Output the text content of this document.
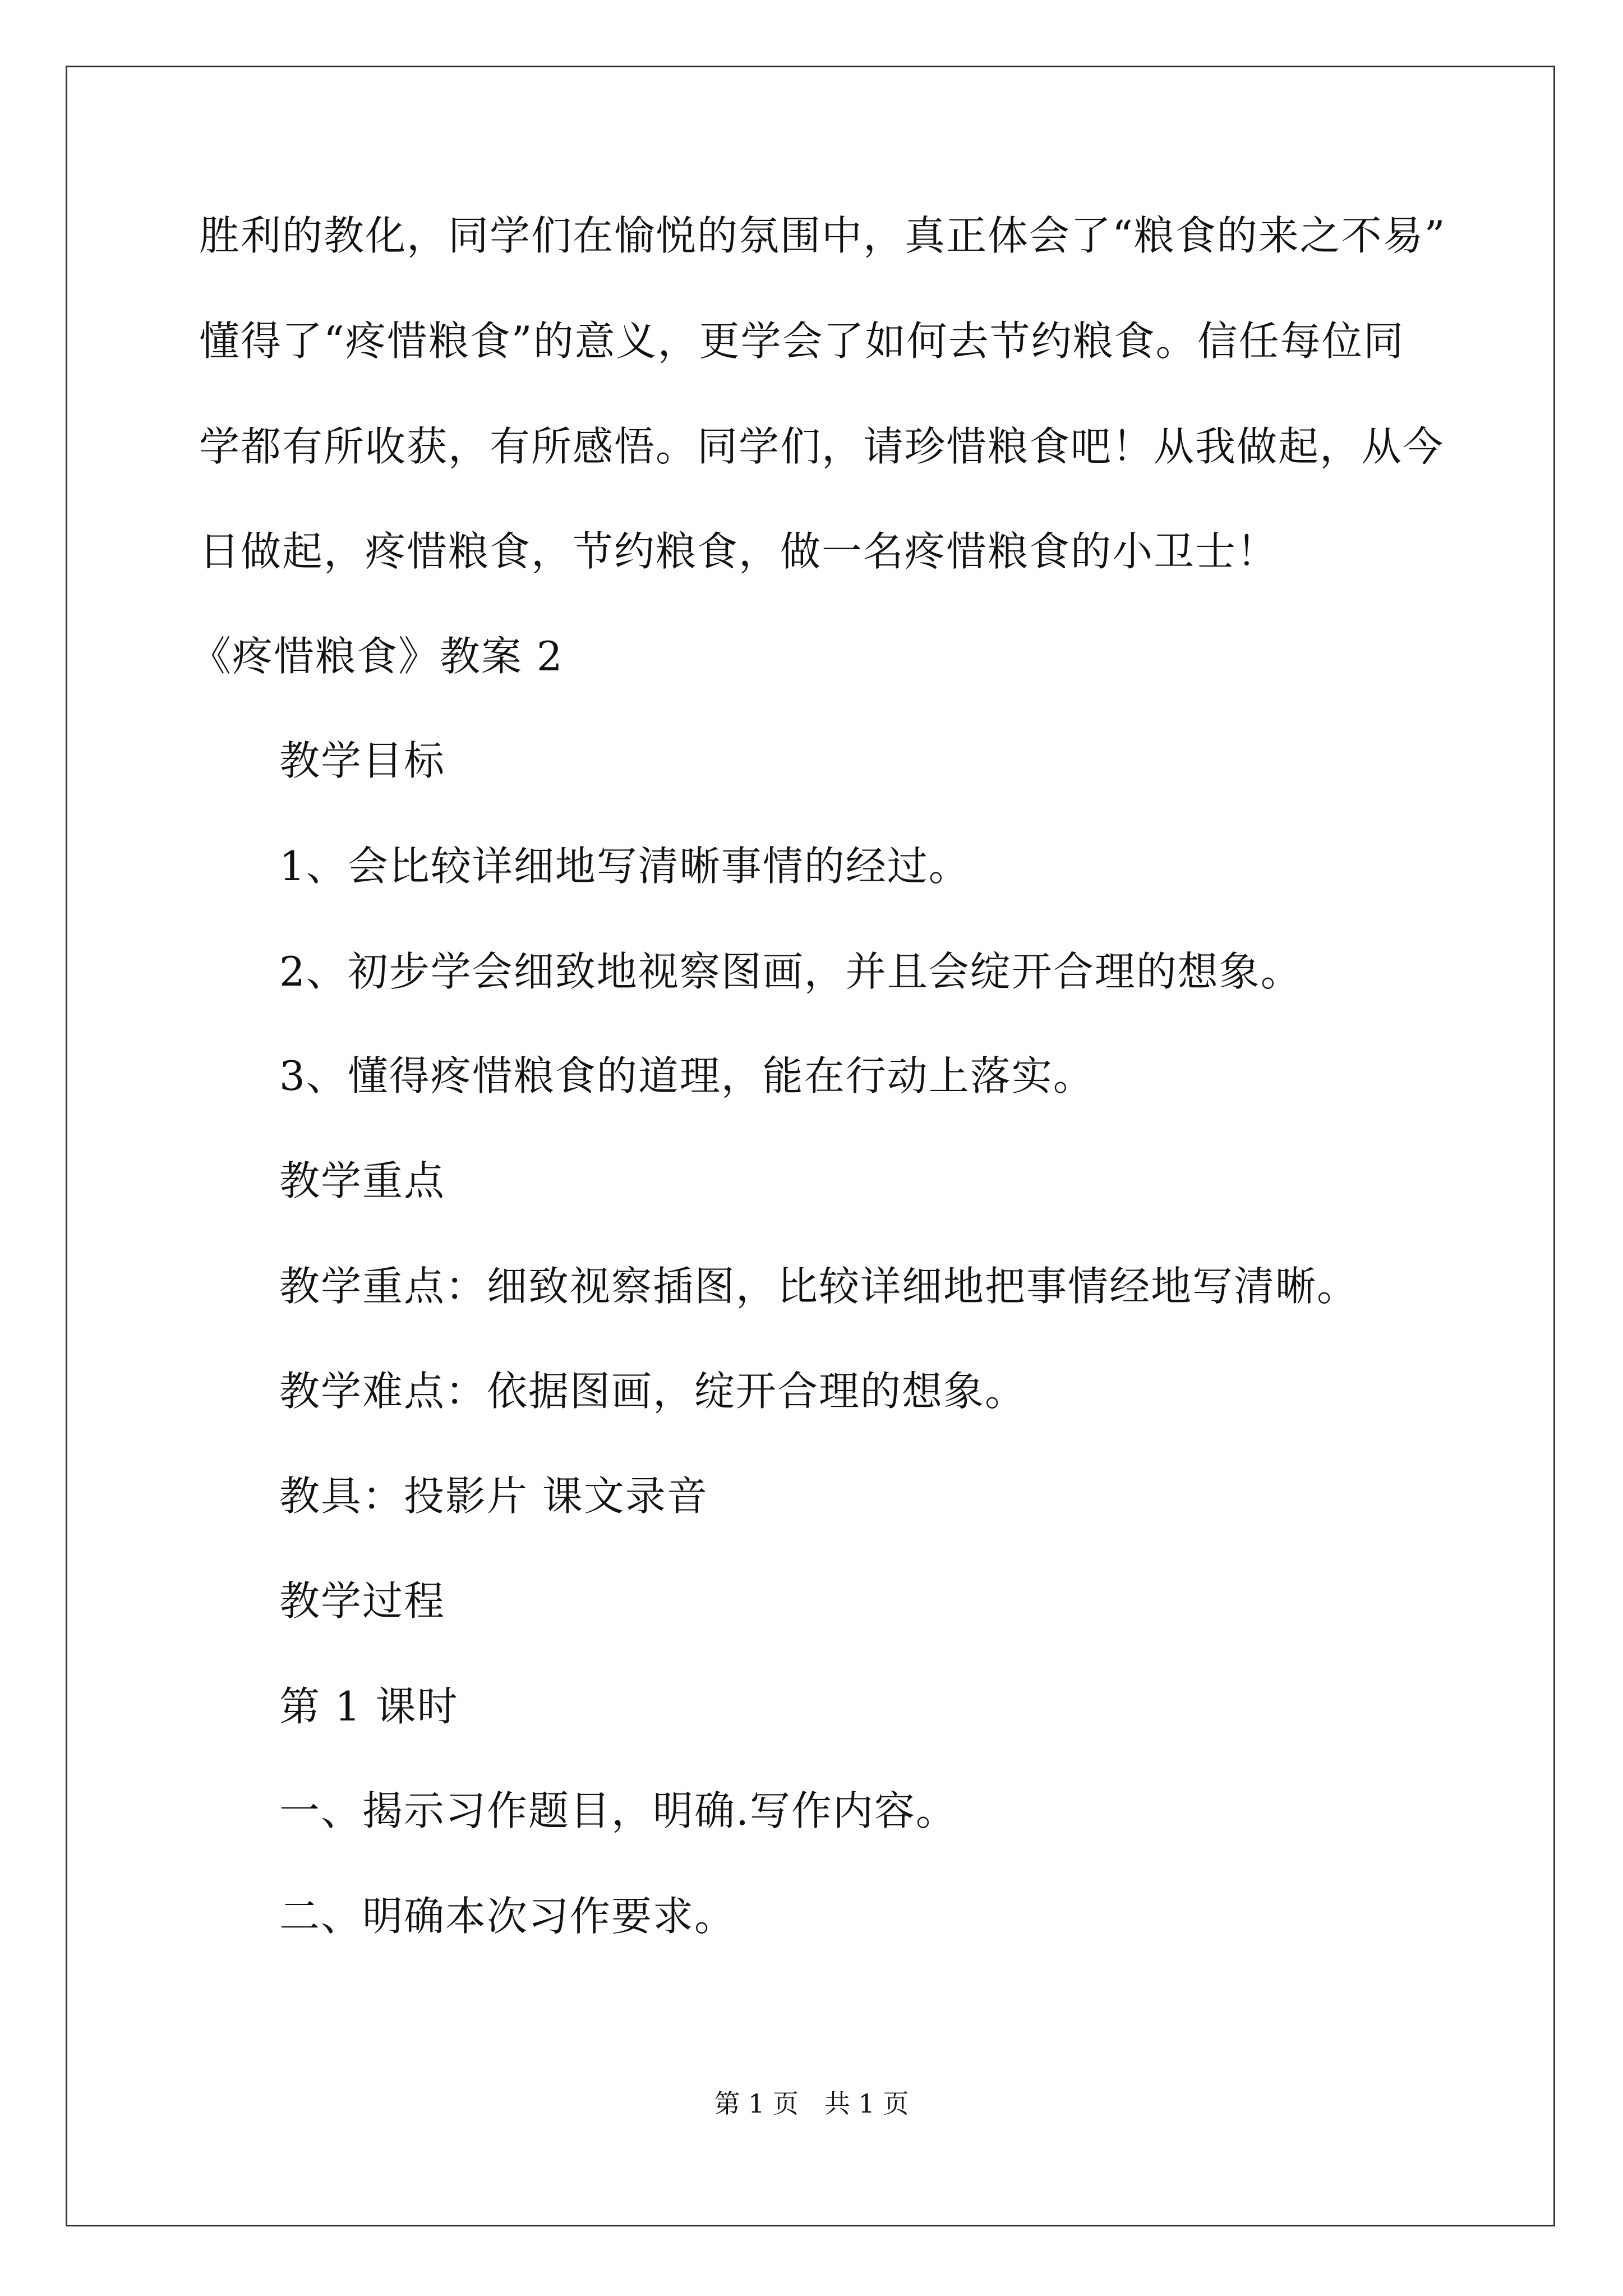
胜利的教化，同学们在愉悦的氛围中，真正体会了“粮食的来之不易”
懂得了“疼惜粮食”的意义，更学会了如何去节约粮食。信任每位同
学都有所收获，有所感悟。同学们，请珍惜粮食吧！从我做起，从今
日做起，疼惜粮食，节约粮食，做一名疼惜粮食的小卫士！
《疼惜粮食》教案 2
教学目标
1、会比较详细地写清晰事情的经过。
2、初步学会细致地视察图画，并且会绽开合理的想象。
3、懂得疼惜粮食的道理，能在行动上落实。
教学重点
教学重点：细致视察插图，比较详细地把事情经地写清晰。
教学难点：依据图画，绽开合理的想象。
教具：投影片 课文录音
教学过程
第 1 课时
一、揭示习作题目，明确.写作内容。
二、明确本次习作要求。
第 1 页　共 1 页
